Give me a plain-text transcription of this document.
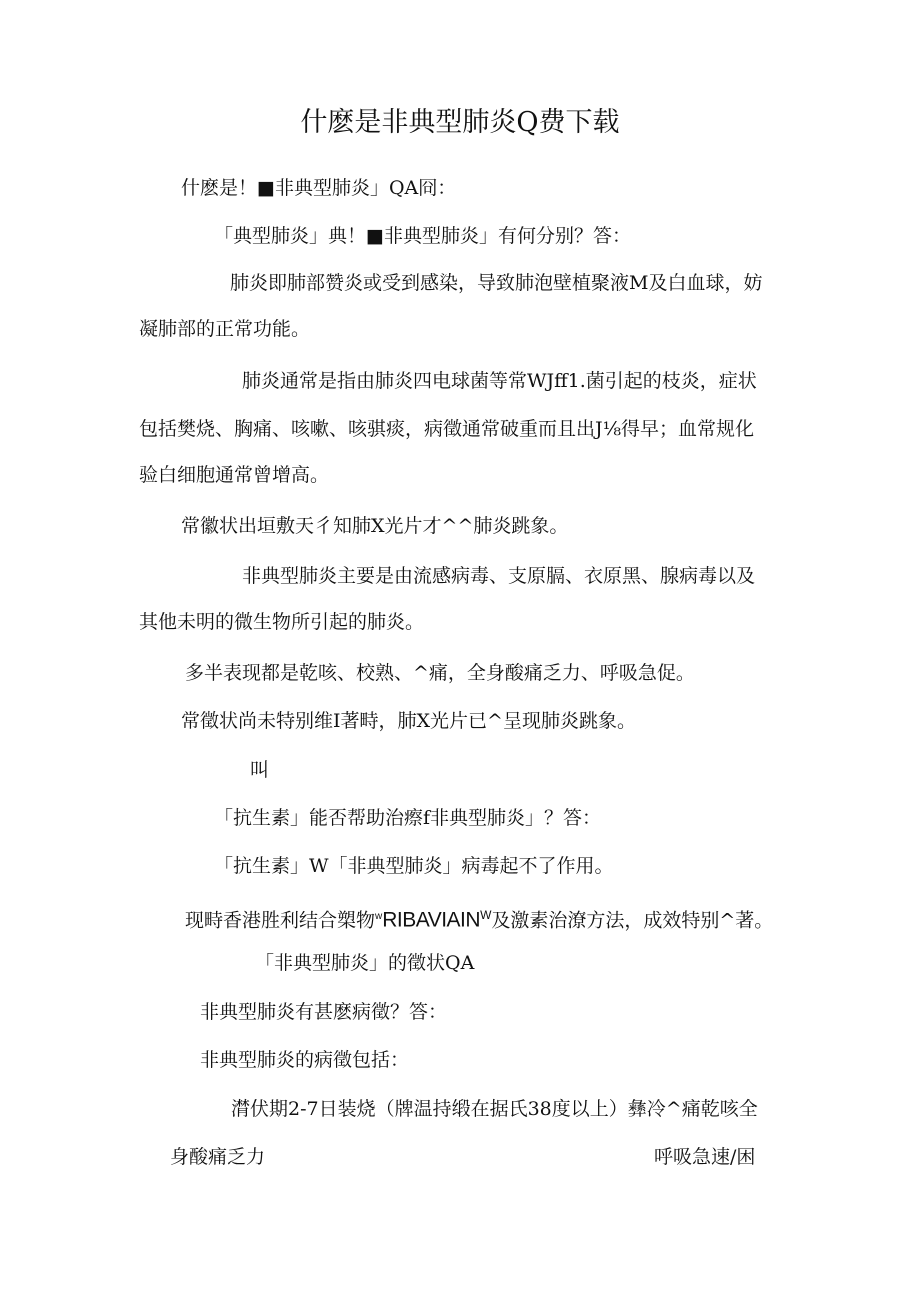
什麽是非典型肺炎Q费下载
什麽是！■非典型肺炎」QA冏：
「典型肺炎」典！■非典型肺炎」有何分别？答：
肺炎即肺部赞炎或受到感染，导致肺泡壁植聚液M及白血球，妨
凝肺部的正常功能。
肺炎通常是指由肺炎四电球菌等常WJff1.菌引起的枝炎，症状
包括樊烧、胸痛、咳嗽、咳骐痰，病徵通常破重而且出J⅛得早；血常规化
验白细胞通常曾增高。
常徽状出垣敷天彳知肺X光片才^^肺炎跳象。
非典型肺炎主要是由流感病毒、支原膈、衣原黑、腺病毒以及
其他未明的微生物所引起的肺炎。
多半表现都是乾咳、校熟、^痛，全身酸痛乏力、呼吸急促。
常徵状尚未特别维I著畤，肺X光片已^呈现肺炎跳象。
叫
「抗生素」能否帮助治瘵f非典型肺炎」？答：
「抗生素」W「非典型肺炎」病毒起不了作用。
现畤香港胜利结合槊物$^wRIBAVIAIN^W$及激素治潦方法，成效特别^著。
「非典型肺炎」的徵状QA
非典型肺炎有甚麽病徵？答：
非典型肺炎的病徵包括：
潸伏期2-7日装烧（牌温持缎在据氏38度以上）彝冷^痛乾咳全
身酸痛乏力	呼吸急速/困
